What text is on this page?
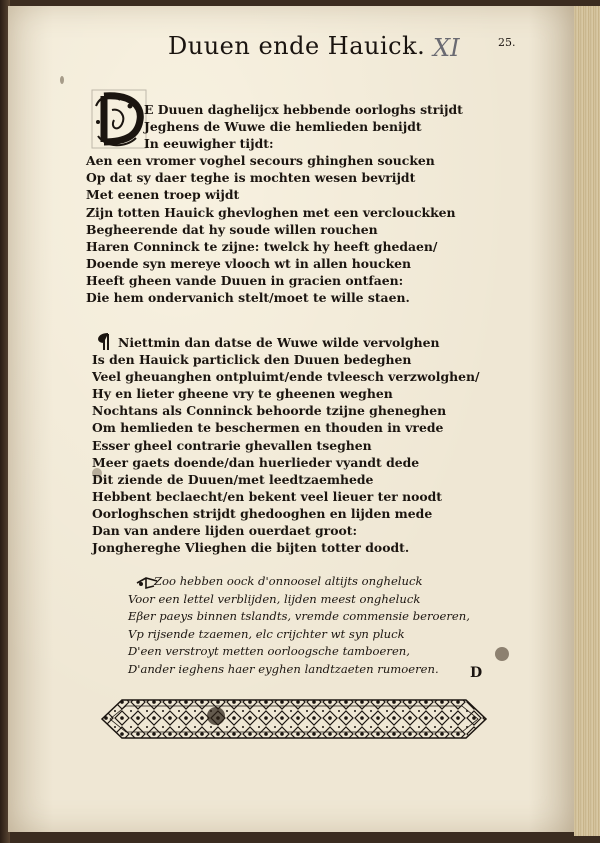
Duuen ende Hauick. XI	25.
E Duuen daghelijcx hebbende oorloghs strijdt
Jeghens de Wuwe die hemlieden benijdt
In eeuwigher tijdt:
Aen een vromer voghel secours ghinghen soucken
Op dat sy daer teghe is mochten wesen bevrijdt
Met eenen troep wijdt
Zijn totten Hauick ghevloghen met een verclouckken
Begheerende dat hy soude willen rouchen
Haren Conninck te zijne: twelck hy heeft ghedaen/
Doende syn mereye vlooch wt in allen houcken
Heeft gheen vande Duuen in gracien ontfaen:
Die hem ondervanich stelt/moet te wille staen.
Niettmin dan datse de Wuwe wilde vervolghen
Is den Hauick particlick den Duuen bedeghen
Veel gheuanghen ontpluimt/ende tvleesch verzwolghen/
Hy en lieter gheene vry te gheenen weghen
Nochtans als Conninck behoorde tzijne gheneghen
Om hemlieden te beschermen en thouden in vrede
Esser gheel contrarie ghevallen tseghen
Meer gaets doende/dan huerlieder vyandt dede
Dit ziende de Duuen/met leedtzaemhede
Hebbent beclaecht/en bekent veel lieuer ter noodt
Oorloghschen strijdt ghedooghen en lijden mede
Dan van andere lijden ouerdaet groot:
Jonghereghe Vlieghen die bijten totter doodt.
Zoo hebben oock d'onnoosel altijts ongheluck
Voor een lettel verblijden, lijden meest ongheluck
Eβer paeys binnen tslandts, vremde commensie beroeren,
Vp rijsende tzaemen, elc crijchter wt syn pluck
D'een verstroyt metten oorloogsche tamboeren,
D'ander ieghens haer eyghen landtzaeten rumoeren.	D
